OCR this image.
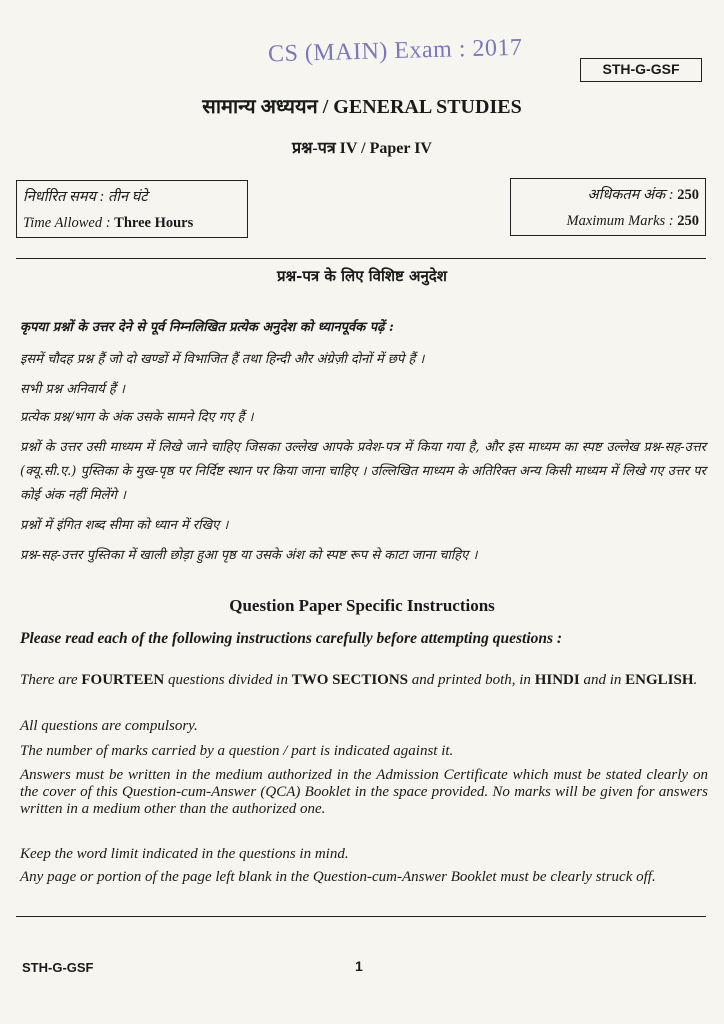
CS (MAIN) Exam : 2017
STH-G-GSF
सामान्य अध्ययन / GENERAL STUDIES
प्रश्न-पत्र IV / Paper IV
निर्धारित समय : तीन घंटे
Time Allowed : Three Hours
अधिकतम अंक : 250
Maximum Marks : 250
प्रश्न-पत्र के लिए विशिष्ट अनुदेश

कृपया प्रश्नों के उत्तर देने से पूर्व निम्नलिखित प्रत्येक अनुदेश को ध्यानपूर्वक पढ़ें :

इसमें चौदह प्रश्न हैं जो दो खण्डों में विभाजित हैं तथा हिन्दी और अंग्रेज़ी दोनों में छपे हैं ।

सभी प्रश्न अनिवार्य हैं ।

प्रत्येक प्रश्न/भाग के अंक उसके सामने दिए गए हैं ।

प्रश्नों के उत्तर उसी माध्यम में लिखे जाने चाहिए जिसका उल्लेख आपके प्रवेश-पत्र में किया गया है, और इस माध्यम का स्पष्ट उल्लेख प्रश्न-सह-उत्तर (क्यू.सी.ए.) पुस्तिका के मुख-पृष्ठ पर निर्दिष्ट स्थान पर किया जाना चाहिए । उल्लिखित माध्यम के अतिरिक्त अन्य किसी माध्यम में लिखे गए उत्तर पर कोई अंक नहीं मिलेंगे ।

प्रश्नों में इंगित शब्द सीमा को ध्यान में रखिए ।

प्रश्न-सह-उत्तर पुस्तिका में खाली छोड़ा हुआ पृष्ठ या उसके अंश को स्पष्ट रूप से काटा जाना चाहिए ।

Question Paper Specific Instructions

Please read each of the following instructions carefully before attempting questions :

There are FOURTEEN questions divided in TWO SECTIONS and printed both, in HINDI and in ENGLISH.

All questions are compulsory.

The number of marks carried by a question / part is indicated against it.

Answers must be written in the medium authorized in the Admission Certificate which must be stated clearly on the cover of this Question-cum-Answer (QCA) Booklet in the space provided. No marks will be given for answers written in a medium other than the authorized one.

Keep the word limit indicated in the questions in mind.

Any page or portion of the page left blank in the Question-cum-Answer Booklet must be clearly struck off.

STH-G-GSF	1
